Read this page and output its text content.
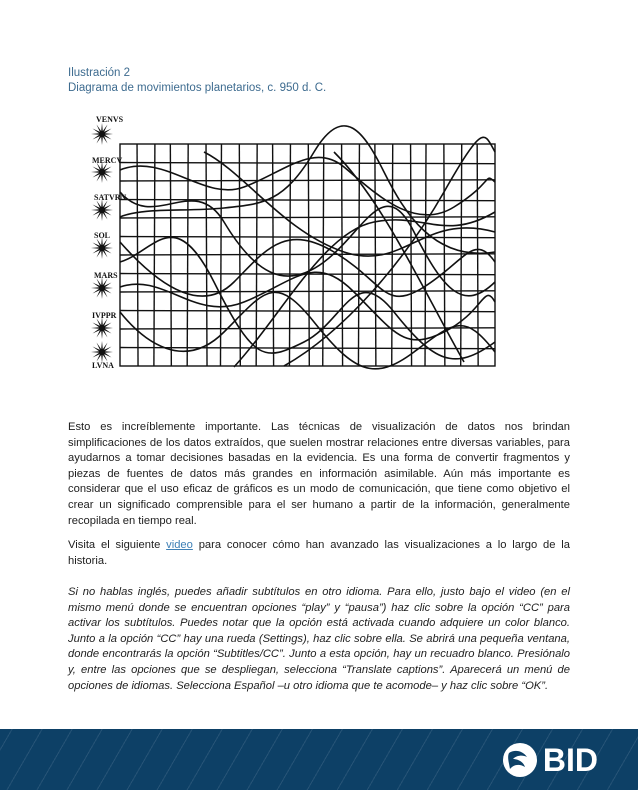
Ilustración 2
Diagrama de movimientos planetarios, c. 950 d. C.
VENVS
MERCV
SATVRN
SOL
MARS
IVPPR
LVNA

Esto es increíblemente importante. Las técnicas de visualización de datos nos brindan simplificaciones de los datos extraídos, que suelen mostrar relaciones entre diversas variables, para ayudarnos a tomar decisiones basadas en la evidencia. Es una forma de convertir fragmentos y piezas de fuentes de datos más grandes en información asimilable. Aún más importante es considerar que el uso eficaz de gráficos es un modo de comunicación, que tiene como objetivo el crear un significado comprensible para el ser humano a partir de la información, generalmente recopilada en tiempo real.

Visita el siguiente video para conocer cómo han avanzado las visualizaciones a lo largo de la historia.

Si no hablas inglés, puedes añadir subtítulos en otro idioma. Para ello, justo bajo el video (en el mismo menú donde se encuentran opciones “play” y “pausa”) haz clic sobre la opción “CC” para activar los subtítulos. Puedes notar que la opción está activada cuando adquiere un color blanco. Junto a la opción “CC” hay una rueda (Settings), haz clic sobre ella. Se abrirá una pequeña ventana, donde encontrarás la opción “Subtitles/CC”. Junto a esta opción, hay un recuadro blanco. Presiónalo y, entre las opciones que se despliegan, selecciona “Translate captions”. Aparecerá un menú de opciones de idiomas. Selecciona Español –u otro idioma que te acomode– y haz clic sobre “OK”.

BID
